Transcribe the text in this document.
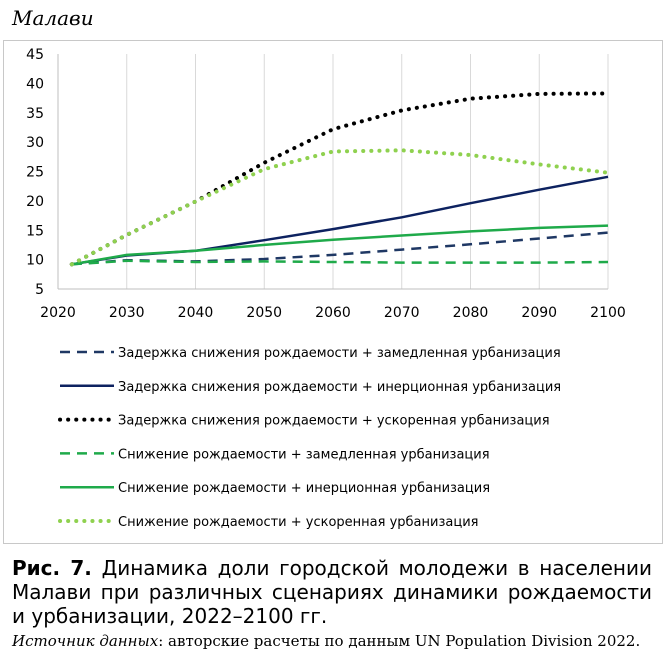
Малави
5
10
15
20
25
30
35
40
45
2020 2030 2040 2050 2060 2070 2080 2090 2100
Задержка снижения рождаемости + замедленная урбанизация
Задержка снижения рождаемости + инерционная урбанизация
Задержка снижения рождаемости + ускоренная урбанизация
Снижение рождаемости + замедленная урбанизация
Снижение рождаемости + инерционная урбанизация
Снижение рождаемости + ускоренная урбанизация
Рис. 7. Динамика доли городской молодежи в населении Малави при различных сценариях динамики рождаемости и урбанизации, 2022–2100 гг.
Источник данных: авторские расчеты по данным UN Population Division 2022.
